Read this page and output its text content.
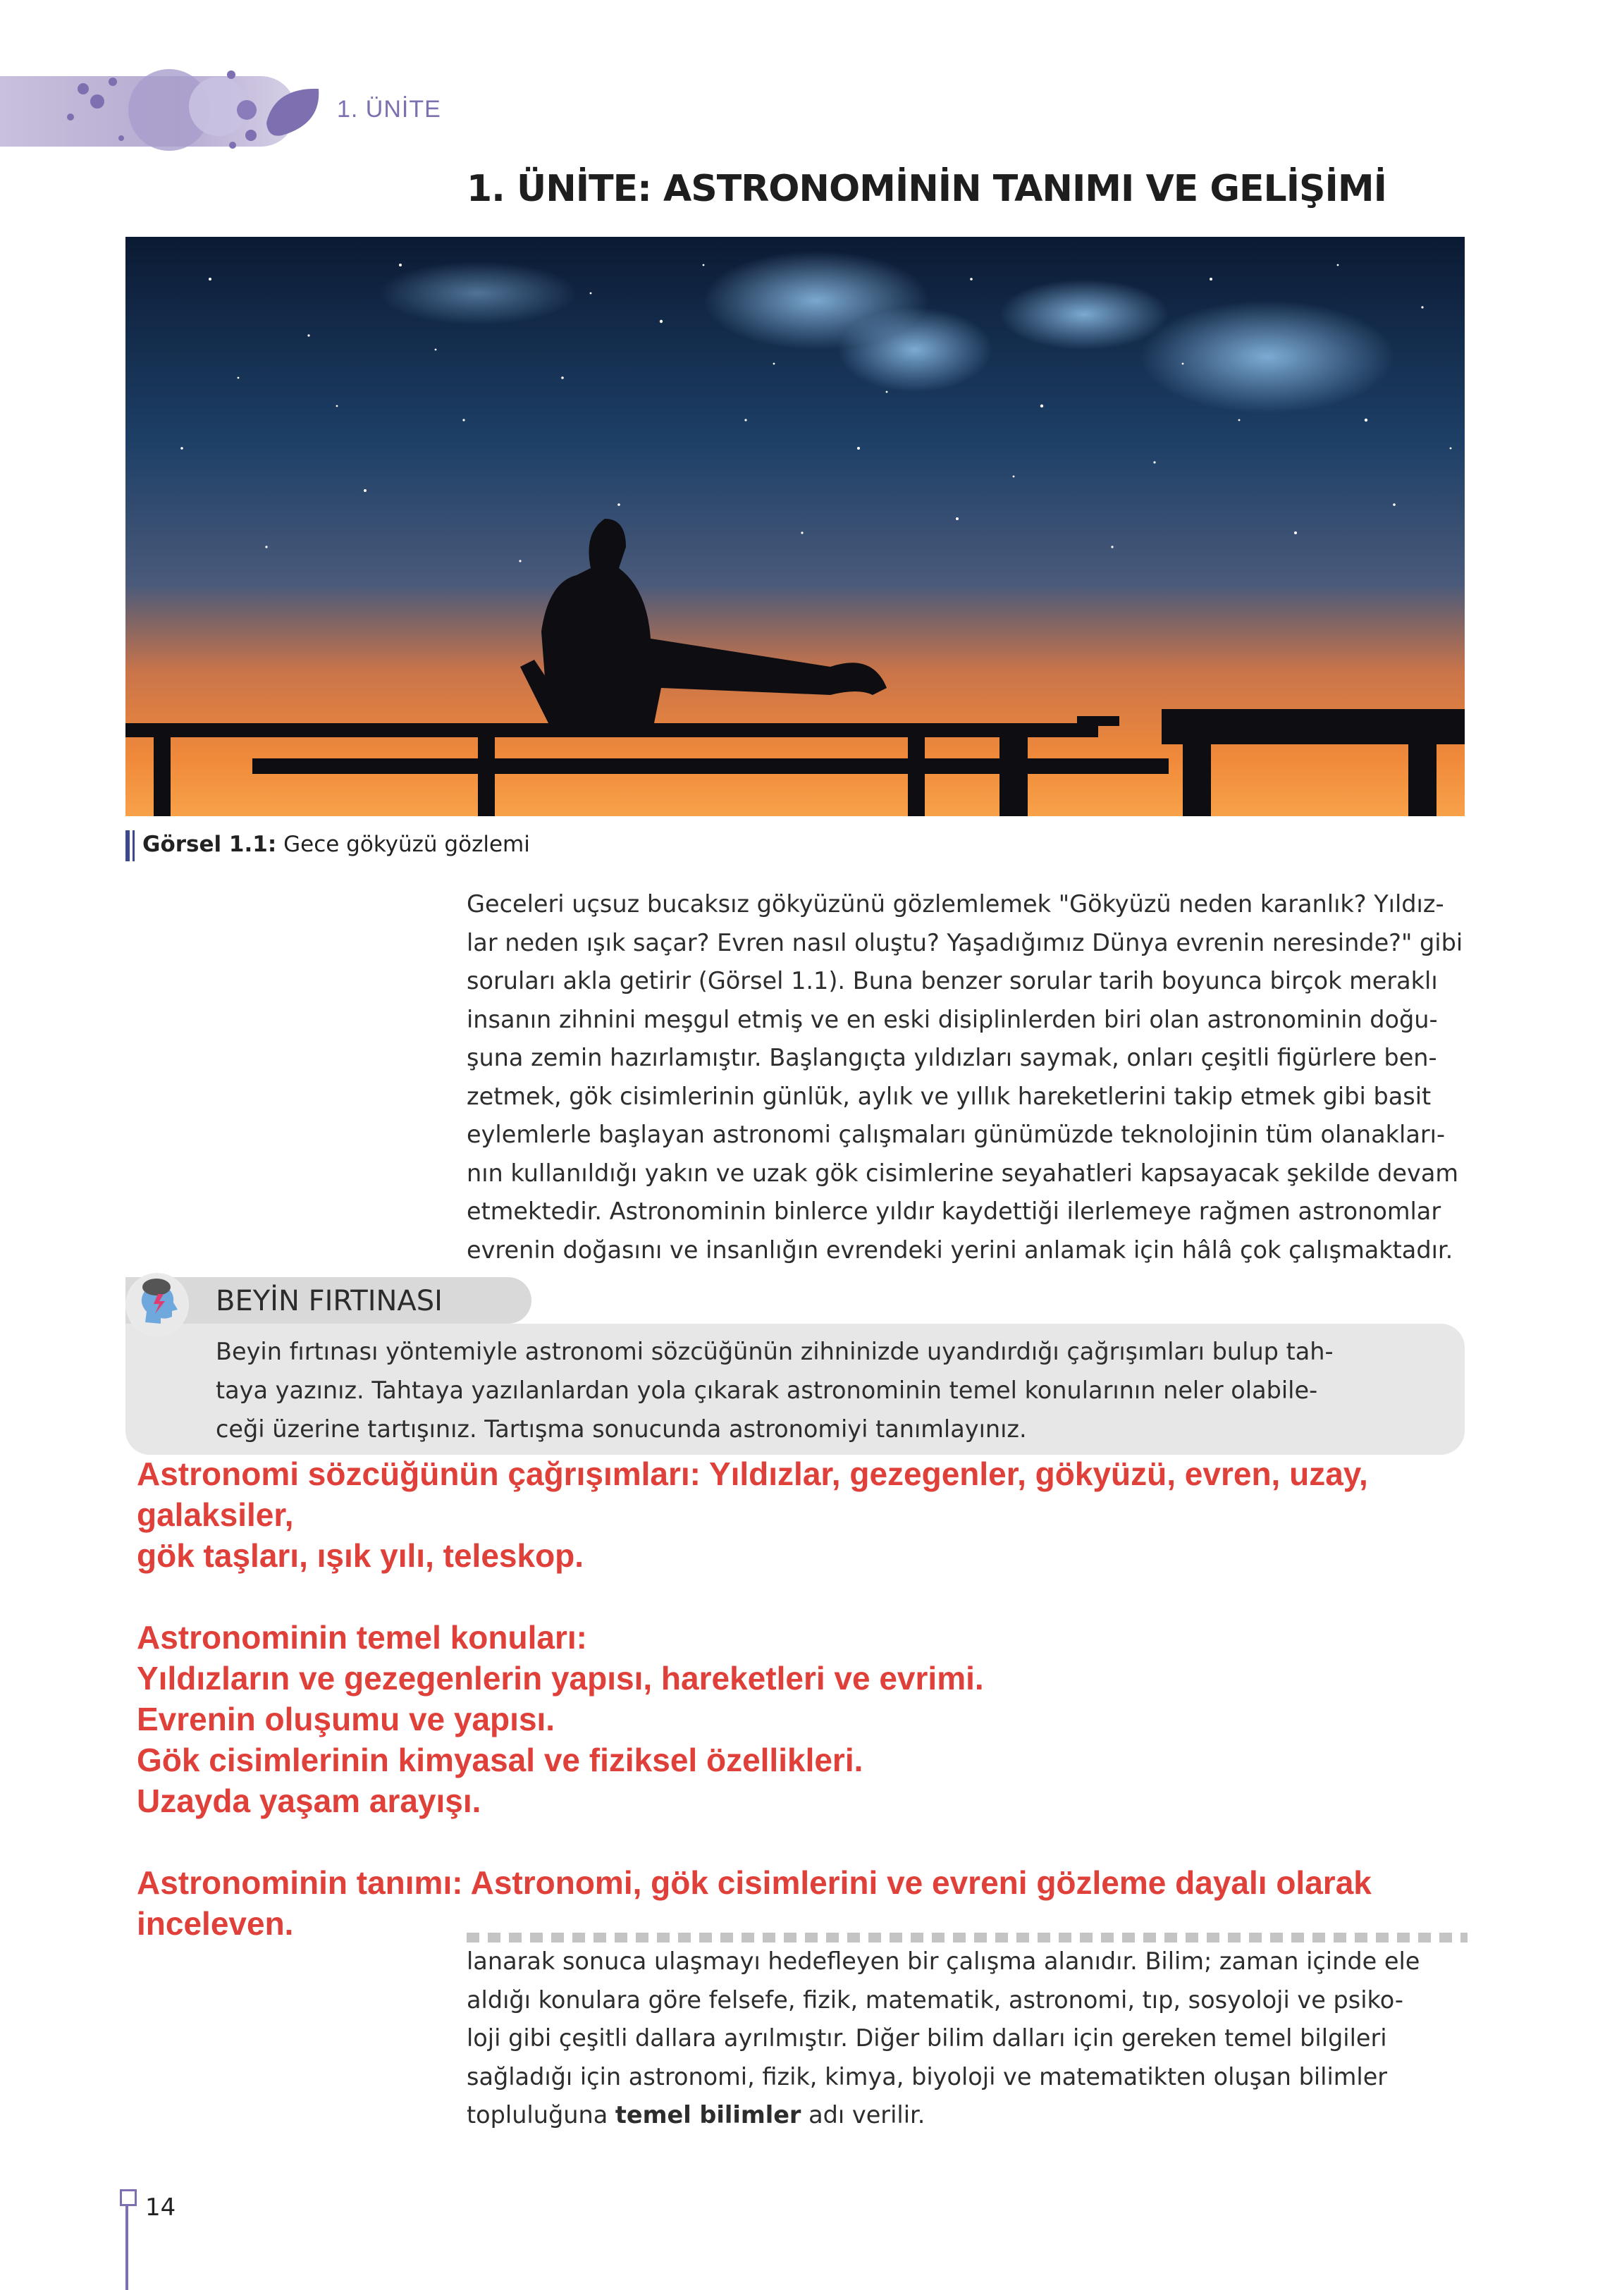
1. ÜNİTE
1. ÜNİTE: ASTRONOMİNİN TANIMI VE GELİŞİMİ
Görsel 1.1: Gece gökyüzü gözlemi
Geceleri uçsuz bucaksız gökyüzünü gözlemlemek "Gökyüzü neden karanlık? Yıldız-
lar neden ışık saçar? Evren nasıl oluştu? Yaşadığımız Dünya evrenin neresinde?" gibi
soruları akla getirir (Görsel 1.1). Buna benzer sorular tarih boyunca birçok meraklı
insanın zihnini meşgul etmiş ve en eski disiplinlerden biri olan astronominin doğu-
şuna zemin hazırlamıştır. Başlangıçta yıldızları saymak, onları çeşitli figürlere ben-
zetmek, gök cisimlerinin günlük, aylık ve yıllık hareketlerini takip etmek gibi basit
eylemlerle başlayan astronomi çalışmaları günümüzde teknolojinin tüm olanakları-
nın kullanıldığı yakın ve uzak gök cisimlerine seyahatleri kapsayacak şekilde devam
etmektedir. Astronominin binlerce yıldır kaydettiği ilerlemeye rağmen astronomlar
evrenin doğasını ve insanlığın evrendeki yerini anlamak için hâlâ çok çalışmaktadır.
BEYİN FIRTINASI
Beyin fırtınası yöntemiyle astronomi sözcüğünün zihninizde uyandırdığı çağrışımları bulup tah-
taya yazınız. Tahtaya yazılanlardan yola çıkarak astronominin temel konularının neler olabile-
ceği üzerine tartışınız. Tartışma sonucunda astronomiyi tanımlayınız.
lanarak sonuca ulaşmayı hedefleyen bir çalışma alanıdır. Bilim; zaman içinde ele
aldığı konulara göre felsefe, fizik, matematik, astronomi, tıp, sosyoloji ve psiko-
loji gibi çeşitli dallara ayrılmıştır. Diğer bilim dalları için gereken temel bilgileri
sağladığı için astronomi, fizik, kimya, biyoloji ve matematikten oluşan bilimler
topluluğuna temel bilimler adı verilir.
Astronomi sözcüğünün çağrışımları: Yıldızlar, gezegenler, gökyüzü, evren, uzay,
galaksiler,
gök taşları, ışık yılı, teleskop.
Astronominin temel konuları:
Yıldızların ve gezegenlerin yapısı, hareketleri ve evrimi.
Evrenin oluşumu ve yapısı.
Gök cisimlerinin kimyasal ve fiziksel özellikleri.
Uzayda yaşam arayışı.
Astronominin tanımı: Astronomi, gök cisimlerini ve evreni gözleme dayalı olarak
inceleven.
14
